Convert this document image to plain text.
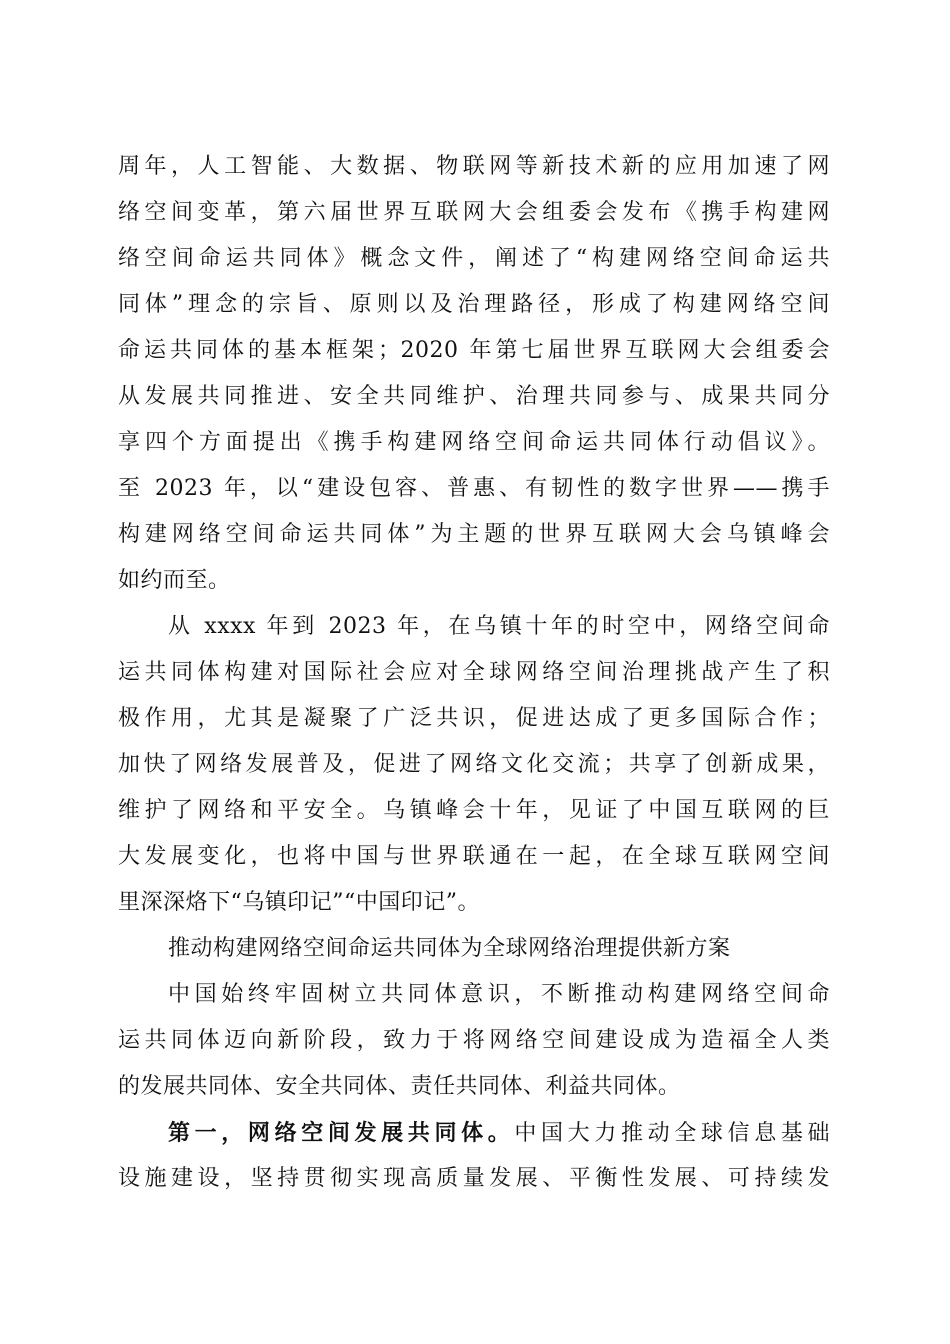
周年，人工智能、大数据、物联网等新技术新的应用加速了网
络空间变革，第六届世界互联网大会组委会发布《携手构建网
络空间命运共同体》概念文件，阐述了“构建网络空间命运共
同体”理念的宗旨、原则以及治理路径，形成了构建网络空间
命运共同体的基本框架；2020 年第七届世界互联网大会组委会
从发展共同推进、安全共同维护、治理共同参与、成果共同分
享四个方面提出《携手构建网络空间命运共同体行动倡议》。
至 2023 年，以“建设包容、普惠、有韧性的数字世界——携手
构建网络空间命运共同体”为主题的世界互联网大会乌镇峰会
如约而至。
从 xxxx 年到 2023 年，在乌镇十年的时空中，网络空间命
运共同体构建对国际社会应对全球网络空间治理挑战产生了积
极作用，尤其是凝聚了广泛共识，促进达成了更多国际合作；
加快了网络发展普及，促进了网络文化交流；共享了创新成果，
维护了网络和平安全。乌镇峰会十年，见证了中国互联网的巨
大发展变化，也将中国与世界联通在一起，在全球互联网空间
里深深烙下“乌镇印记”“中国印记”。
推动构建网络空间命运共同体为全球网络治理提供新方案
中国始终牢固树立共同体意识，不断推动构建网络空间命
运共同体迈向新阶段，致力于将网络空间建设成为造福全人类
的发展共同体、安全共同体、责任共同体、利益共同体。
第一，网络空间发展共同体。中国大力推动全球信息基础
设施建设，坚持贯彻实现高质量发展、平衡性发展、可持续发
